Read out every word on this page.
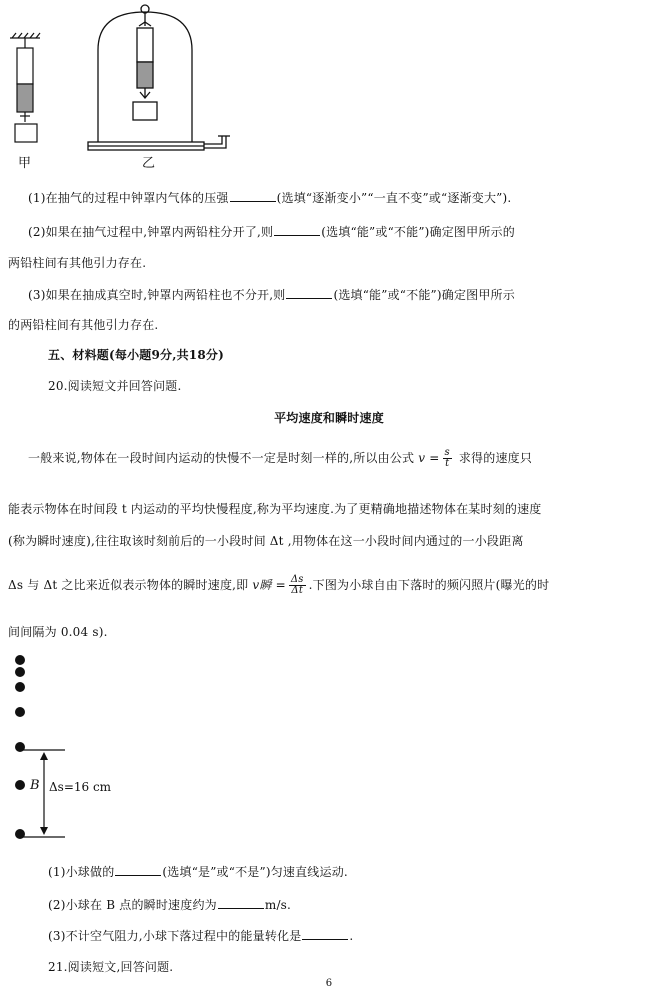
甲	乙
(1)在抽气的过程中钟罩内气体的压强	(选填“逐渐变小”“一直不变”或“逐渐变大”).
(2)如果在抽气过程中,钟罩内两铅柱分开了,则	(选填“能”或“不能”)确定图甲所示的
两铅柱间有其他引力存在.
(3)如果在抽成真空时,钟罩内两铅柱也不分开,则	(选填“能”或“不能”)确定图甲所示
的两铅柱间有其他引力存在.
五、材料题(每小题9分,共18分)
20.阅读短文并回答问题.
平均速度和瞬时速度
一般来说,物体在一段时间内运动的快慢不一定是时刻一样的,所以由公式 $v = \frac{s}{t}$ 求得的速度只
能表示物体在时间段 t 内运动的平均快慢程度,称为平均速度.为了更精确地描述物体在某时刻的速度
(称为瞬时速度),往往取该时刻前后的一小段时间 Δt ,用物体在这一小段时间内通过的一小段距离
Δs 与 Δt 之比来近似表示物体的瞬时速度,即 v瞬 = $\frac{\Delta s}{\Delta t}$ .下图为小球自由下落时的频闪照片(曝光的时
间间隔为 0.04 s).
B Δs=16 cm
(1)小球做的	(选填“是”或“不是”)匀速直线运动.
(2)小球在 B 点的瞬时速度约为	m/s.
(3)不计空气阻力,小球下落过程中的能量转化是	.
21.阅读短文,回答问题.
6
